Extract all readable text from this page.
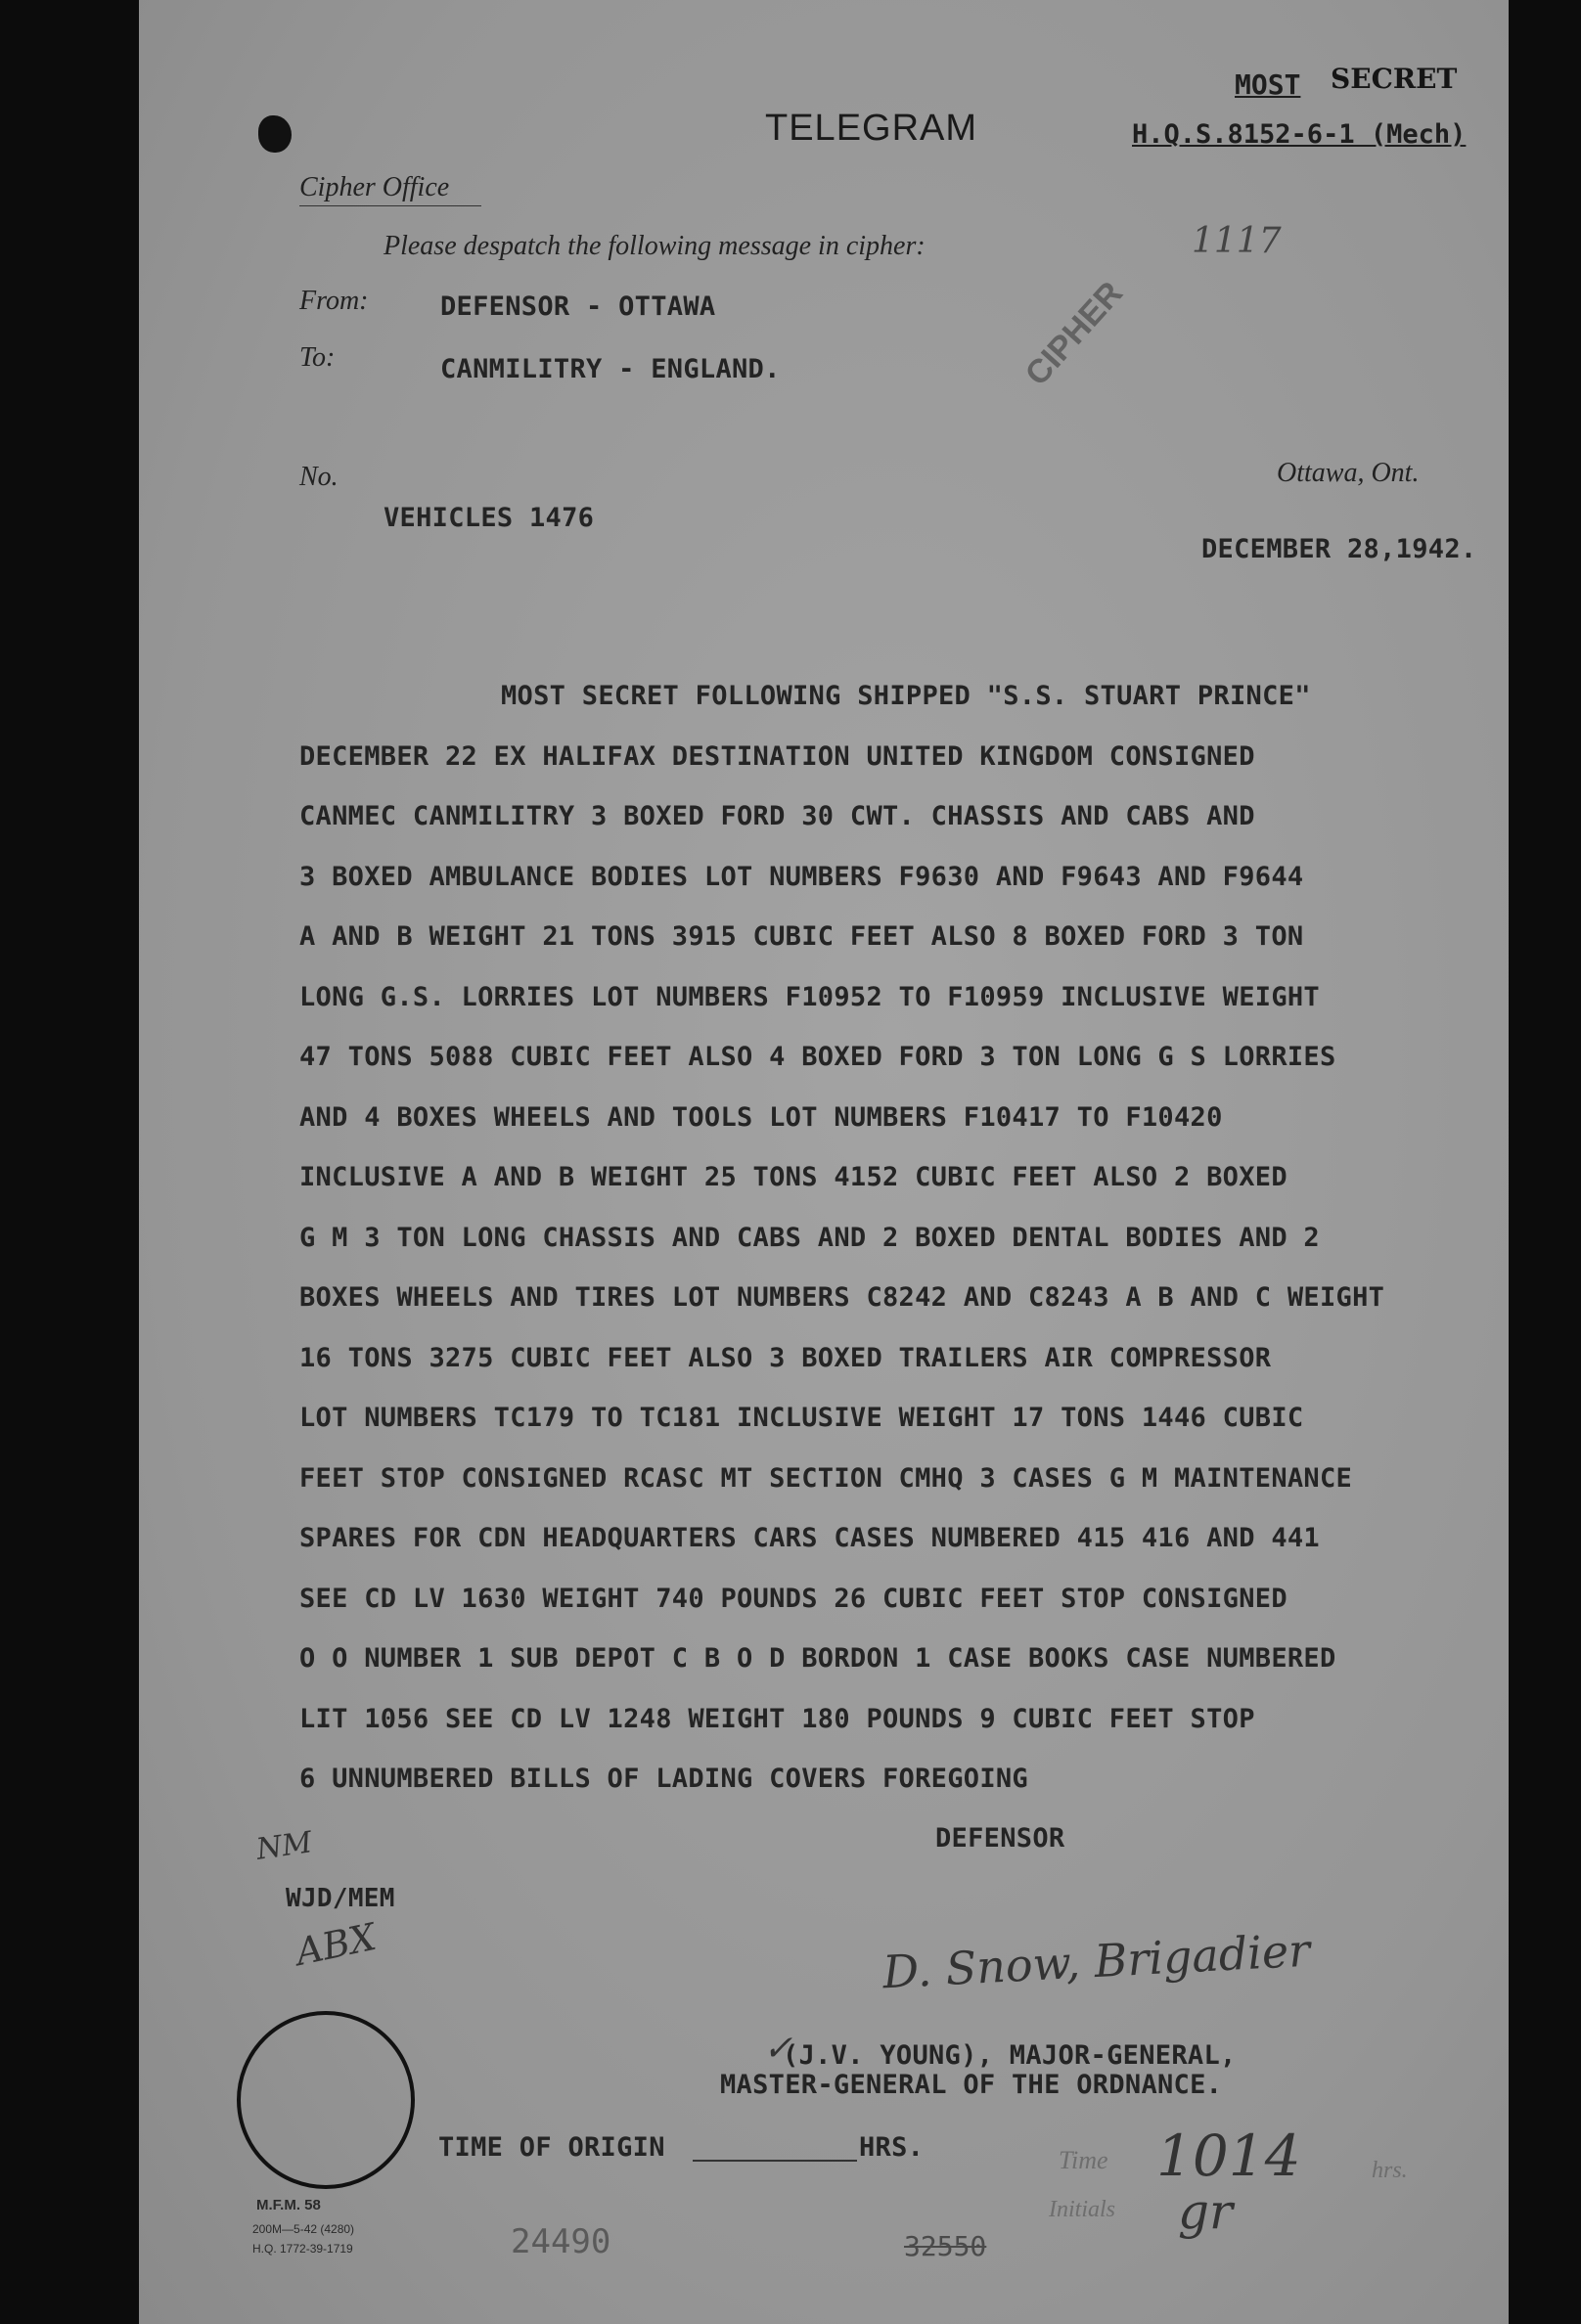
MOST SECRET
TELEGRAM	H.Q.S.8152-6-1 (Mech)
Cipher Office
Please despatch the following message in cipher:	1117
From:	DEFENSOR - OTTAWA
To:	CANMILITRY - ENGLAND.	CIPHER
No.	Ottawa, Ont.
VEHICLES 1476
DECEMBER 28,1942.
MOST SECRET FOLLOWING SHIPPED "S.S. STUART PRINCE"
DECEMBER 22 EX HALIFAX DESTINATION UNITED KINGDOM CONSIGNED
CANMEC CANMILITRY 3 BOXED FORD 30 CWT. CHASSIS AND CABS AND
3 BOXED AMBULANCE BODIES LOT NUMBERS F9630 AND F9643 AND F9644
A AND B WEIGHT 21 TONS 3915 CUBIC FEET ALSO 8 BOXED FORD 3 TON
LONG G.S. LORRIES LOT NUMBERS F10952 TO F10959 INCLUSIVE WEIGHT
47 TONS 5088 CUBIC FEET ALSO 4 BOXED FORD 3 TON LONG G S LORRIES
AND 4 BOXES WHEELS AND TOOLS LOT NUMBERS F10417 TO F10420
INCLUSIVE A AND B WEIGHT 25 TONS 4152 CUBIC FEET ALSO 2 BOXED
G M 3 TON LONG CHASSIS AND CABS AND 2 BOXED DENTAL BODIES AND 2
BOXES WHEELS AND TIRES LOT NUMBERS C8242 AND C8243 A B AND C WEIGHT
16 TONS 3275 CUBIC FEET ALSO 3 BOXED TRAILERS AIR COMPRESSOR
LOT NUMBERS TC179 TO TC181 INCLUSIVE WEIGHT 17 TONS 1446 CUBIC
FEET STOP CONSIGNED RCASC MT SECTION CMHQ 3 CASES G M MAINTENANCE
SPARES FOR CDN HEADQUARTERS CARS CASES NUMBERED 415 416 AND 441
SEE CD LV 1630 WEIGHT 740 POUNDS 26 CUBIC FEET STOP CONSIGNED
O O NUMBER 1 SUB DEPOT C B O D BORDON 1 CASE BOOKS CASE NUMBERED
LIT 1056 SEE CD LV 1248 WEIGHT 180 POUNDS 9 CUBIC FEET STOP
6 UNNUMBERED BILLS OF LADING COVERS FOREGOING
DEFENSOR
NM
WJD/MEM
ABX	D. Snow, Brigadier
✓
(J.V. YOUNG), MAJOR-GENERAL,
MASTER-GENERAL OF THE ORDNANCE.
TIME OF ORIGIN	HRS.	Time 1014	hrs.
Initials gr
M.F.M. 58
200M—5-42 (4280)
H.Q. 1772-39-1719	24490	32550
